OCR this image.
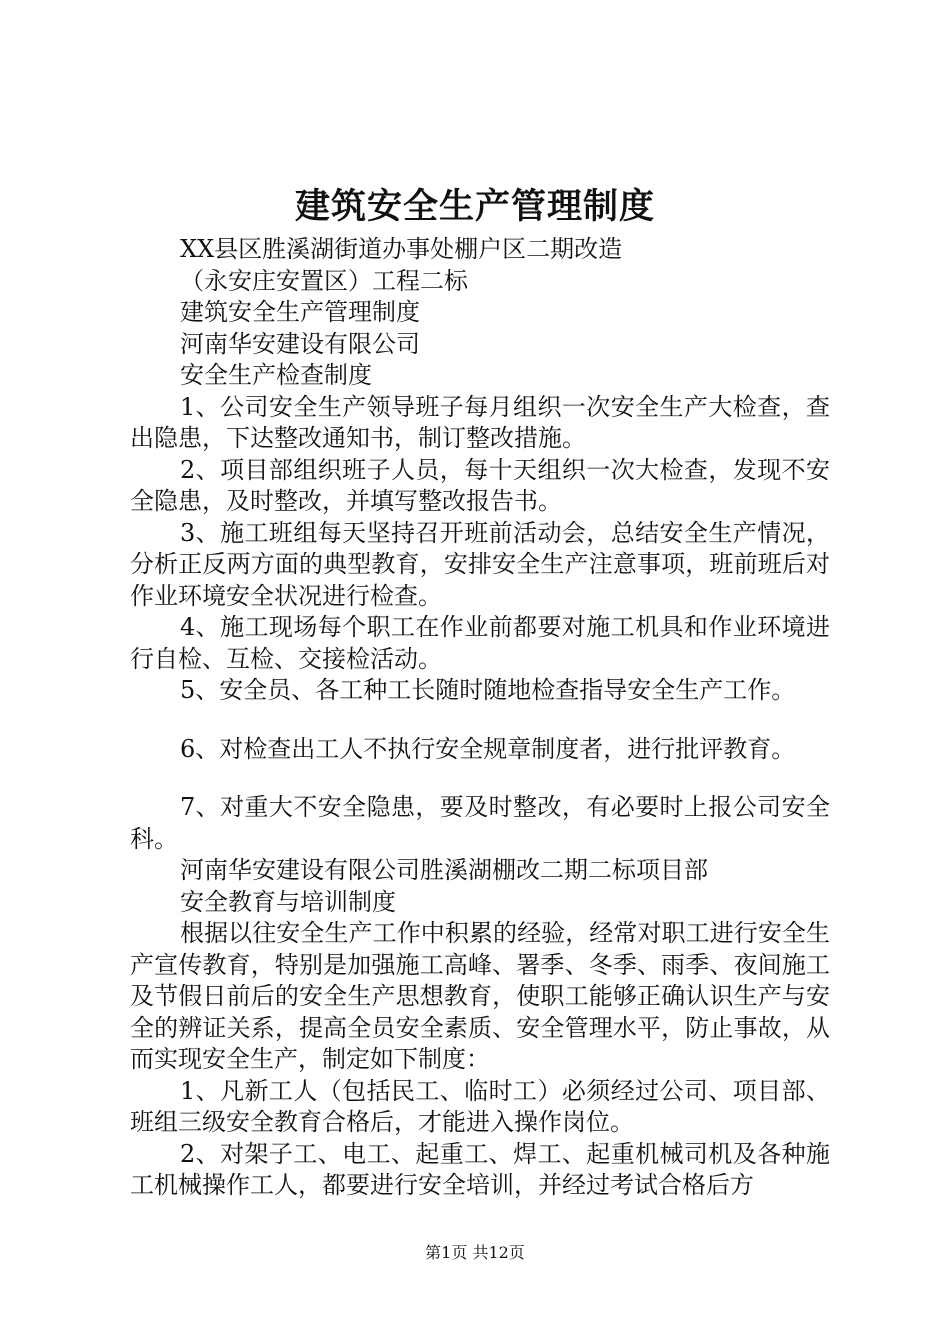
建筑安全生产管理制度

XX县区胜溪湖街道办事处棚户区二期改造

（永安庄安置区）工程二标

建筑安全生产管理制度

河南华安建设有限公司

安全生产检查制度

1、公司安全生产领导班子每月组织一次安全生产大检查，查出隐患，下达整改通知书，制订整改措施。

2、项目部组织班子人员，每十天组织一次大检查，发现不安全隐患，及时整改，并填写整改报告书。

3、施工班组每天坚持召开班前活动会，总结安全生产情况，分析正反两方面的典型教育，安排安全生产注意事项，班前班后对作业环境安全状况进行检查。

4、施工现场每个职工在作业前都要对施工机具和作业环境进行自检、互检、交接检活动。

5、安全员、各工种工长随时随地检查指导安全生产工作。

6、对检查出工人不执行安全规章制度者，进行批评教育。

7、对重大不安全隐患，要及时整改，有必要时上报公司安全科。

河南华安建设有限公司胜溪湖棚改二期二标项目部

安全教育与培训制度

根据以往安全生产工作中积累的经验，经常对职工进行安全生产宣传教育，特别是加强施工高峰、署季、冬季、雨季、夜间施工及节假日前后的安全生产思想教育，使职工能够正确认识生产与安全的辨证关系，提高全员安全素质、安全管理水平，防止事故，从而实现安全生产，制定如下制度：

1、凡新工人（包括民工、临时工）必须经过公司、项目部、班组三级安全教育合格后，才能进入操作岗位。

2、对架子工、电工、起重工、焊工、起重机械司机及各种施工机械操作工人，都要进行安全培训，并经过考试合格后方

第1页 共12页
